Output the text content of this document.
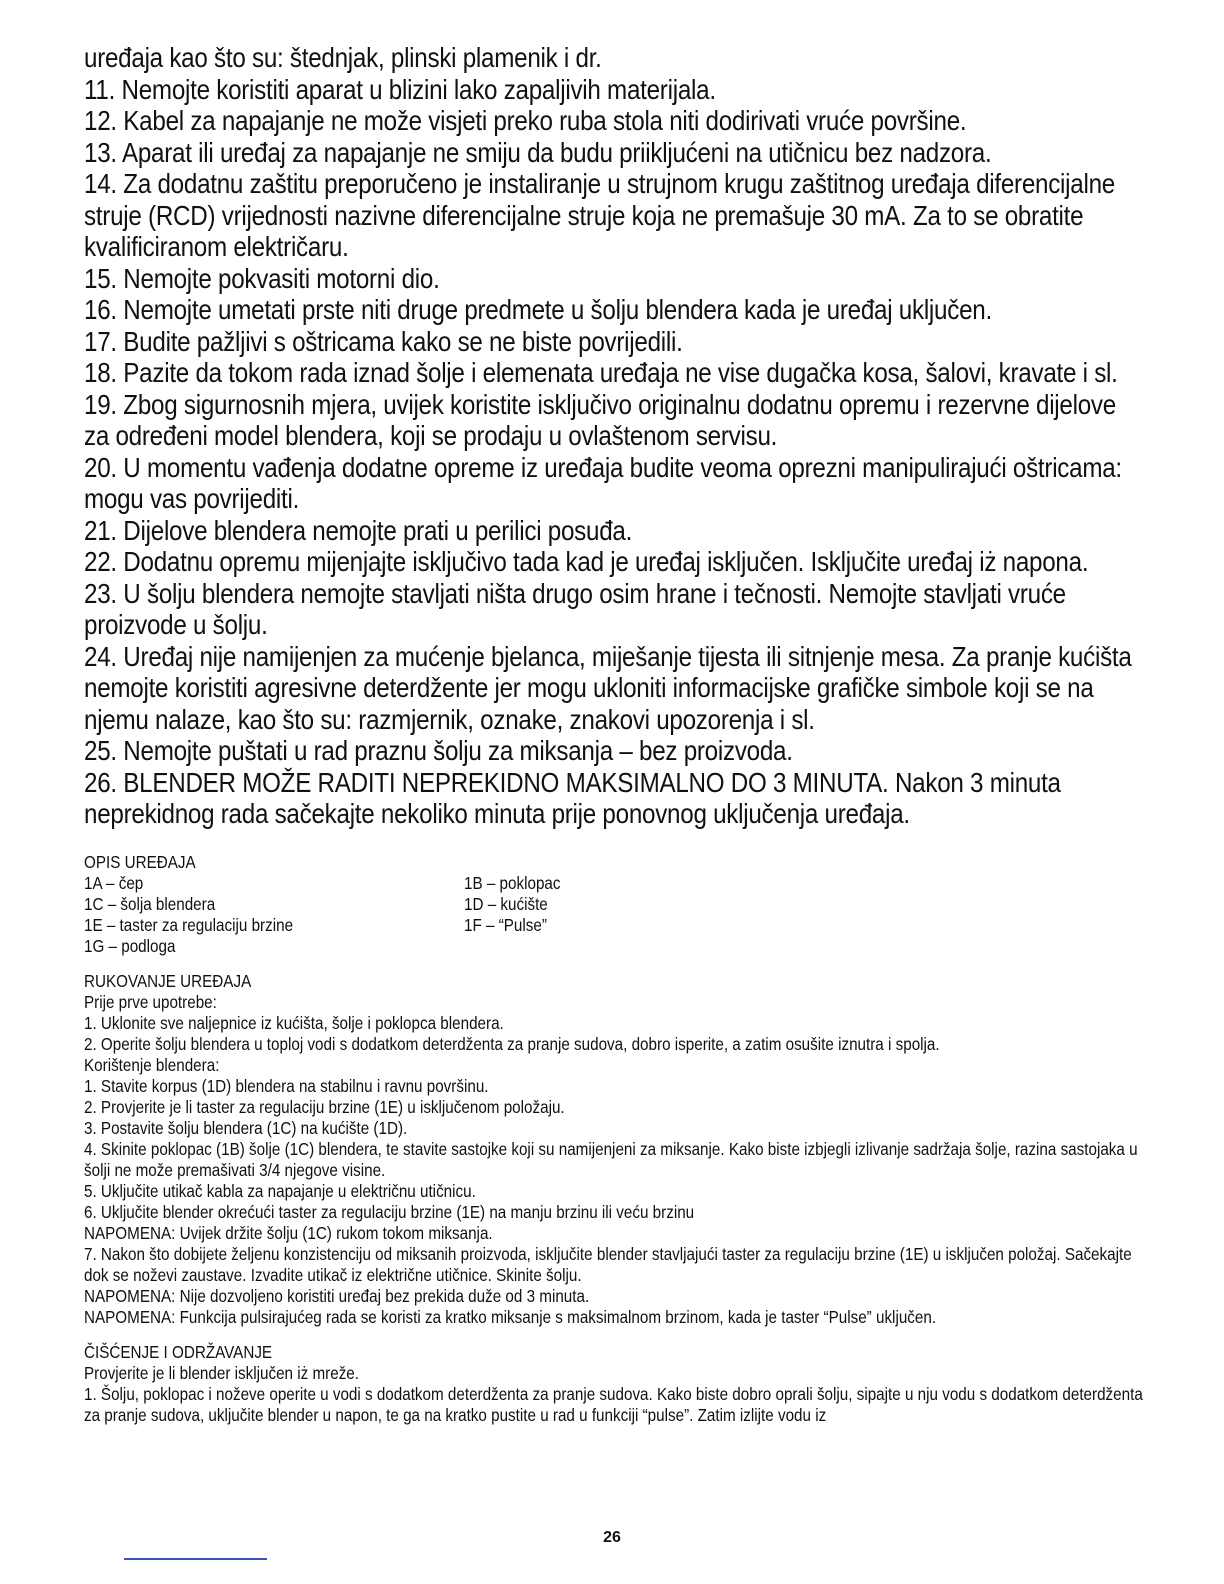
uređaja kao što su: štednjak, plinski plamenik i dr.

11. Nemojte koristiti aparat u blizini lako zapaljivih materijala.

12. Kabel za napajanje ne može visjeti preko ruba stola niti dodirivati vruće površine.

13. Aparat ili uređaj za napajanje ne smiju da budu priikljućeni na utičnicu bez nadzora.

14. Za dodatnu zaštitu preporučeno je instaliranje u strujnom krugu zaštitnog uređaja diferencijalne struje (RCD) vrijednosti nazivne diferencijalne struje koja ne premašuje 30 mA. Za to se obratite kvalificiranom električaru.

15. Nemojte pokvasiti motorni dio.

16. Nemojte umetati prste niti druge predmete u šolju blendera kada je uređaj uključen.

17. Budite pažljivi s oštricama kako se ne biste povrijedili.

18. Pazite da tokom rada iznad šolje i elemenata uređaja ne vise dugačka kosa, šalovi, kravate i sl.

19. Zbog sigurnosnih mjera, uvijek koristite isključivo originalnu dodatnu opremu i rezervne dijelove za određeni model blendera, koji se prodaju u ovlaštenom servisu.

20. U momentu vađenja dodatne opreme iz uređaja budite veoma oprezni manipulirajući oštricama: mogu vas povrijediti.

21. Dijelove blendera nemojte prati u perilici posuđa.

22. Dodatnu opremu mijenjajte isključivo tada kad je uređaj isključen. Isključite uređaj iż napona.

23. U šolju blendera nemojte stavljati ništa drugo osim hrane i tečnosti. Nemojte stavljati vruće proizvode u šolju.

24. Uređaj nije namijenjen za mućenje bjelanca, miješanje tijesta ili sitnjenje mesa. Za pranje kućišta nemojte koristiti agresivne deterdžente jer mogu ukloniti informacijske grafičke simbole koji se na njemu nalaze, kao što su: razmjernik, oznake, znakovi upozorenja i sl.

25. Nemojte puštati u rad praznu šolju za miksanja – bez proizvoda.

26. BLENDER MOŽE RADITI NEPREKIDNO MAKSIMALNO DO 3 MINUTA. Nakon 3 minuta neprekidnog rada sačekajte nekoliko minuta prije ponovnog uključenja uređaja.

OPIS UREĐAJA
1A – čep	1B – poklopac
1C – šolja blendera	1D – kućište
1E – taster za regulaciju brzine	1F – “Pulse”
1G – podloga
RUKOVANJE UREĐAJA

Prije prve upotrebe:

1. Uklonite sve naljepnice iz kućišta, šolje i poklopca blendera.

2. Operite šolju blendera u toploj vodi s dodatkom deterdženta za pranje sudova, dobro isperite, a zatim osušite iznutra i spolja.

Korištenje blendera:

1. Stavite korpus (1D) blendera na stabilnu i ravnu površinu.

2. Provjerite je li taster za regulaciju brzine (1E) u isključenom položaju.

3. Postavite šolju blendera (1C) na kućište (1D).

4. Skinite poklopac (1B) šolje (1C) blendera, te stavite sastojke koji su namijenjeni za miksanje. Kako biste izbjegli izlivanje sadržaja šolje, razina sastojaka u šolji ne može premašivati 3/4 njegove visine.

5. Uključite utikač kabla za napajanje u električnu utičnicu.

6. Uključite blender okrećući taster za regulaciju brzine (1E) na manju brzinu ili veću brzinu

NAPOMENA: Uvijek držite šolju (1C) rukom tokom miksanja.

7. Nakon što dobijete željenu konzistenciju od miksanih proizvoda, isključite blender stavljajući taster za regulaciju brzine (1E) u isključen položaj. Sačekajte dok se noževi zaustave. Izvadite utikač iz električne utičnice. Skinite šolju.

NAPOMENA: Nije dozvoljeno koristiti uređaj bez prekida duže od 3 minuta.

NAPOMENA: Funkcija pulsirajućeg rada se koristi za kratko miksanje s maksimalnom brzinom, kada je taster “Pulse” uključen.

ČIŠĆENJE I ODRŽAVANJE

Provjerite je li blender isključen iż mreže.

1. Šolju, poklopac i noževe operite u vodi s dodatkom deterdženta za pranje sudova. Kako biste dobro oprali šolju, sipajte u nju vodu s dodatkom deterdženta za pranje sudova, uključite blender u napon, te ga na kratko pustite u rad u funkciji “pulse”. Zatim izlijte vodu iz

26
